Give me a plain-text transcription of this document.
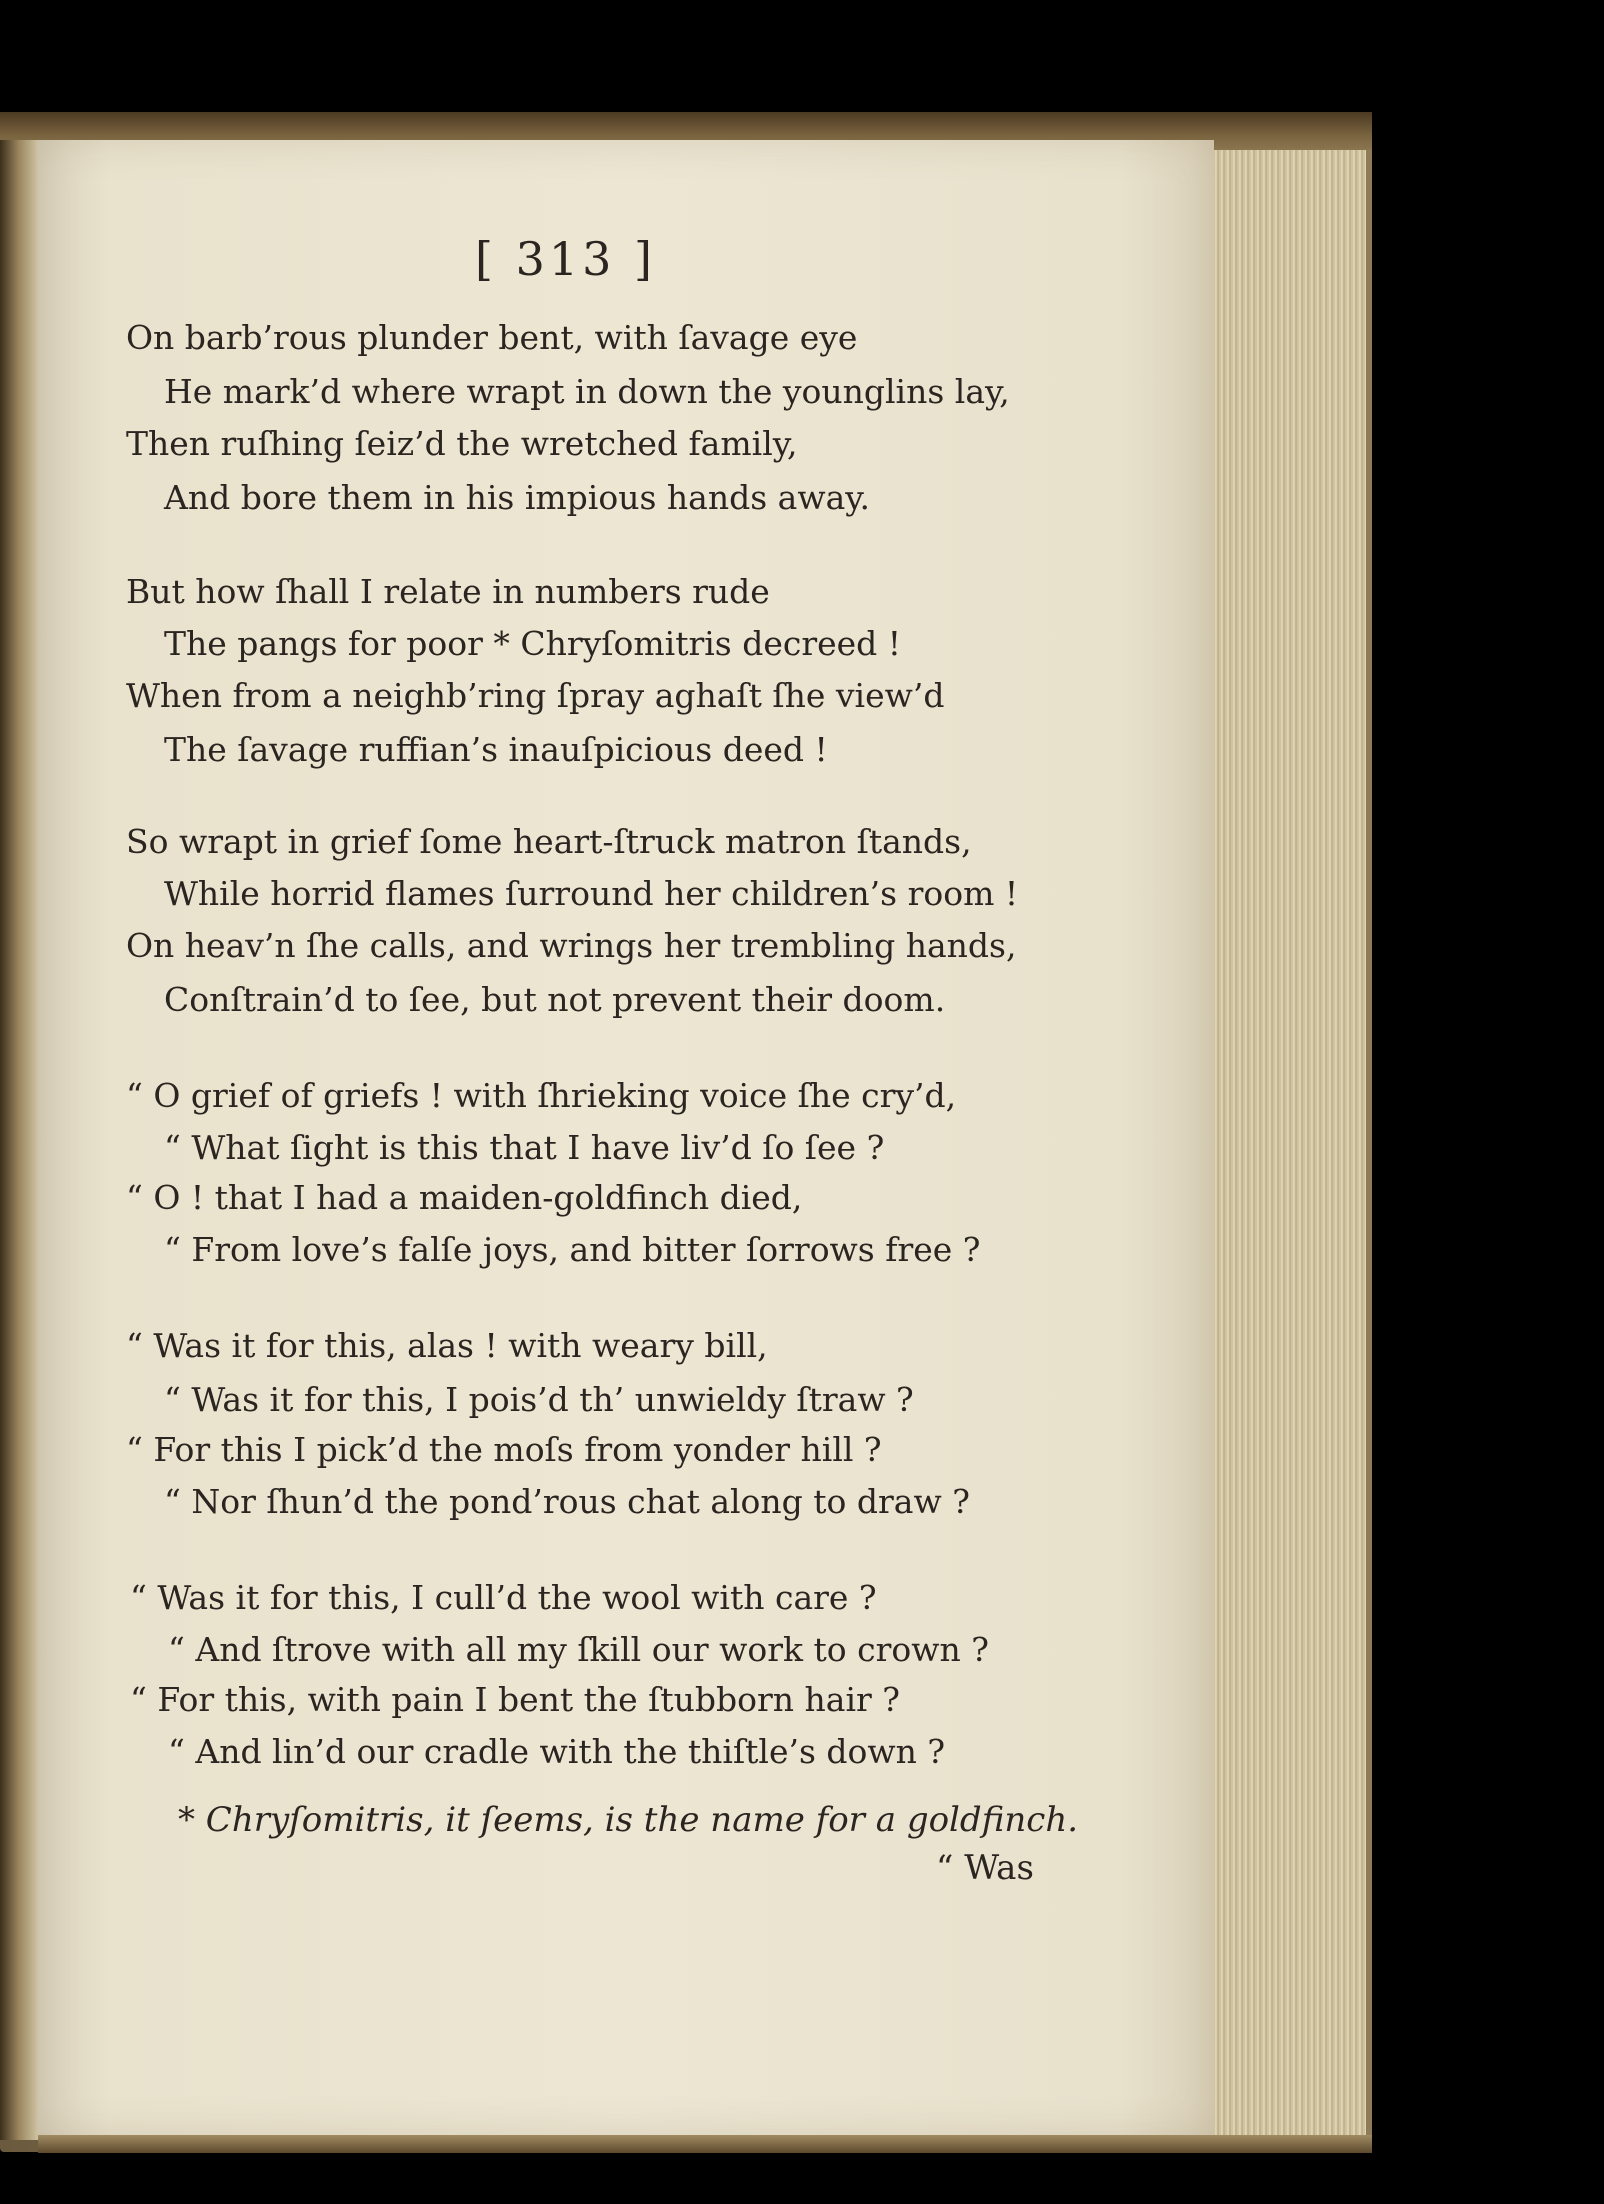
[ 313 ]
On barb’rous plunder bent, with ſavage eye
He mark’d where wrapt in down the younglins lay,
Then ruſhing ſeiz’d the wretched family,
And bore them in his impious hands away.
But how ſhall I relate in numbers rude
The pangs for poor * Chryſomitris decreed !
When from a neighb’ring ſpray aghaſt ſhe view’d
The ſavage ruffian’s inauſpicious deed !
So wrapt in grief ſome heart-ſtruck matron ſtands,
While horrid flames ſurround her children’s room !
On heav’n ſhe calls, and wrings her trembling hands,
Conſtrain’d to ſee, but not prevent their doom.
“ O grief of griefs ! with ſhrieking voice ſhe cry’d,
“ What ſight is this that I have liv’d ſo ſee ?
“ O ! that I had a maiden-goldfinch died,
“ From love’s falſe joys, and bitter ſorrows free ?
“ Was it for this, alas ! with weary bill,
“ Was it for this, I pois’d th’ unwieldy ſtraw ?
“ For this I pick’d the moſs from yonder hill ?
“ Nor ſhun’d the pond’rous chat along to draw ?
“ Was it for this, I cull’d the wool with care ?
“ And ſtrove with all my ſkill our work to crown ?
“ For this, with pain I bent the ſtubborn hair ?
“ And lin’d our cradle with the thiſtle’s down ?
* Chryſomitris, it ſeems, is the name for a goldfinch.
“ Was
